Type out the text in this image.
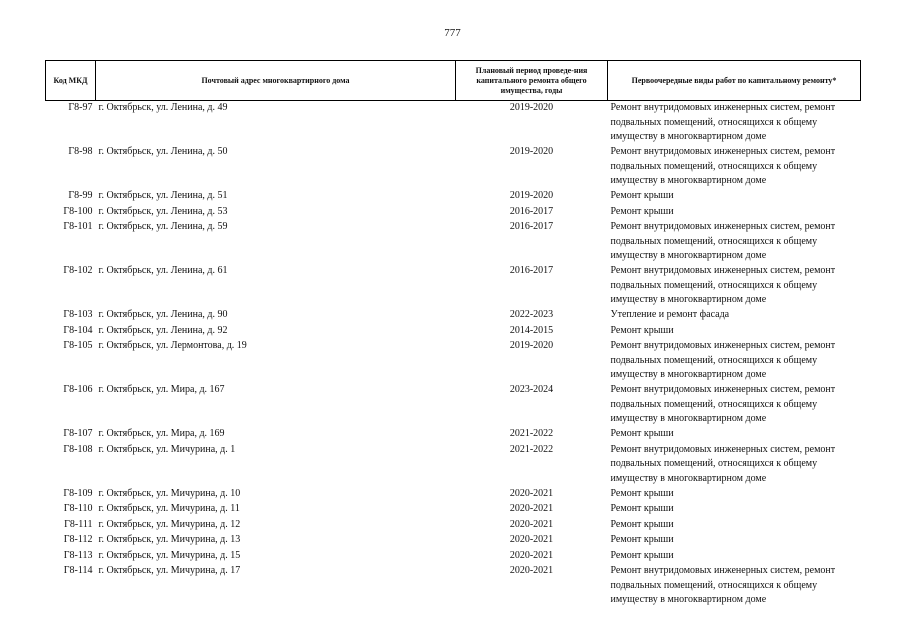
777
Код МКД	Почтовый адрес многоквартирного дома	Плановый период проведе-ния капитального ремонта общего имущества, годы	Первоочередные виды работ по капитальному ремонту*
Г8-97	г. Октябрьск, ул. Ленина, д. 49	2019-2020	Ремонт внутридомовых инженерных систем, ремонт подвальных помещений, относящихся к общему имуществу в многоквартирном доме
Г8-98	г. Октябрьск, ул. Ленина, д. 50	2019-2020	Ремонт внутридомовых инженерных систем, ремонт подвальных помещений, относящихся к общему имуществу в многоквартирном доме
Г8-99	г. Октябрьск, ул. Ленина, д. 51	2019-2020	Ремонт крыши
Г8-100	г. Октябрьск, ул. Ленина, д. 53	2016-2017	Ремонт крыши
Г8-101	г. Октябрьск, ул. Ленина, д. 59	2016-2017	Ремонт внутридомовых инженерных систем, ремонт подвальных помещений, относящихся к общему имуществу в многоквартирном доме
Г8-102	г. Октябрьск, ул. Ленина, д. 61	2016-2017	Ремонт внутридомовых инженерных систем, ремонт подвальных помещений, относящихся к общему имуществу в многоквартирном доме
Г8-103	г. Октябрьск, ул. Ленина, д. 90	2022-2023	Утепление и ремонт фасада
Г8-104	г. Октябрьск, ул. Ленина, д. 92	2014-2015	Ремонт крыши
Г8-105	г. Октябрьск, ул. Лермонтова, д. 19	2019-2020	Ремонт внутридомовых инженерных систем, ремонт подвальных помещений, относящихся к общему имуществу в многоквартирном доме
Г8-106	г. Октябрьск, ул. Мира, д. 167	2023-2024	Ремонт внутридомовых инженерных систем, ремонт подвальных помещений, относящихся к общему имуществу в многоквартирном доме
Г8-107	г. Октябрьск, ул. Мира, д. 169	2021-2022	Ремонт крыши
Г8-108	г. Октябрьск, ул. Мичурина, д. 1	2021-2022	Ремонт внутридомовых инженерных систем, ремонт подвальных помещений, относящихся к общему имуществу в многоквартирном доме
Г8-109	г. Октябрьск, ул. Мичурина, д. 10	2020-2021	Ремонт крыши
Г8-110	г. Октябрьск, ул. Мичурина, д. 11	2020-2021	Ремонт крыши
Г8-111	г. Октябрьск, ул. Мичурина, д. 12	2020-2021	Ремонт крыши
Г8-112	г. Октябрьск, ул. Мичурина, д. 13	2020-2021	Ремонт крыши
Г8-113	г. Октябрьск, ул. Мичурина, д. 15	2020-2021	Ремонт крыши
Г8-114	г. Октябрьск, ул. Мичурина, д. 17	2020-2021	Ремонт внутридомовых инженерных систем, ремонт подвальных помещений, относящихся к общему имуществу в многоквартирном доме
